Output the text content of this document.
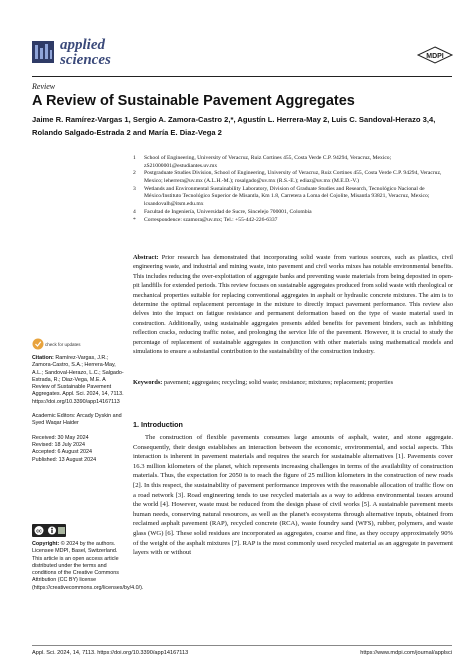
applied
sciences	MDPI
Review
A Review of Sustainable Pavement Aggregates
Jaime R. Ramírez-Vargas 1, Sergio A. Zamora-Castro 2,*, Agustín L. Herrera-May 2, Luis C. Sandoval-Herazo 3,4,
Rolando Salgado-Estrada 2 and María E. Diaz-Vega 2
1	School of Engineering, University of Veracruz, Ruiz Cortines 455, Costa Verde C.P. 94294, Veracruz, Mexico; zS21000001@estudiantes.uv.mx
2	Postgraduate Studies Division, School of Engineering, University of Veracruz, Ruiz Cortines 455, Costa Verde C.P. 94294, Veracruz, Mexico; leherrera@uv.mx (A.L.H.-M.); rosalgado@uv.mx (R.S.-E.); ediaz@uv.mx (M.E.D.-V.)
3	Wetlands and Environmental Sustainability Laboratory, Division of Graduate Studies and Research, Tecnológico Nacional de México/Instituto Tecnológico Superior de Misantla, Km 1.8, Carretera a Loma del Cojolite, Misantla 93821, Veracruz, Mexico; lcsandovalh@itsm.edu.mx
4	Facultad de Ingeniería, Universidad de Sucre, Sincelejo 700001, Colombia
*	Correspondence: szamora@uv.mx; Tel.: +55-442-226-6337
Abstract: Prior research has demonstrated that incorporating solid waste from various sources, such as plastics, civil engineering waste, and industrial and mining waste, into pavement and civil works mixes has notable environmental benefits. This includes reducing the over-exploitation of aggregate banks and preventing waste materials from being deposited in open-pit landfills for extended periods. This review focuses on sustainable aggregates produced from solid waste with rheological or mechanical properties suitable for replacing conventional aggregates in asphalt or hydraulic concrete mixtures. The aim is to determine the optimal replacement percentage in the mixture to directly impact pavement performance. This review also delves into the impact on fatigue resistance and permanent deformation based on the type of waste material used in construction. Additionally, using sustainable aggregates presents added benefits for pavement binders, such as inhibiting reflection cracks, reducing traffic noise, and prolonging the service life of the pavement. However, it is crucial to study the percentage of replacement of sustainable aggregates in conjunction with other materials using mathematical models and simulations to ensure a substantial contribution to the sustainability of the construction industry.
Keywords: pavement; aggregates; recycling; solid waste; resistance; mixtures; replacement; properties
check for updates
Citation: Ramírez-Vargas, J.R.; Zamora-Castro, S.A.; Herrera-May, A.L.; Sandoval-Herazo, L.C.; Salgado-Estrada, R.; Diaz-Vega, M.E. A Review of Sustainable Pavement Aggregates. Appl. Sci. 2024, 14, 7113. https://doi.org/10.3390/app14167113
Academic Editors: Arcady Dyskin and Syed Waqar Haider
Received: 30 May 2024
Revised: 18 July 2024
Accepted: 6 August 2024
Published: 13 August 2024
cc
Copyright: © 2024 by the authors. Licensee MDPI, Basel, Switzerland. This article is an open access article distributed under the terms and conditions of the Creative Commons Attribution (CC BY) license (https://creativecommons.org/licenses/by/4.0/).
1. Introduction
The construction of flexible pavements consumes large amounts of asphalt, water, and stone aggregate. Consequently, their design establishes an interaction between the economic, environmental, and social aspects. This interaction is inherent in pavement materials and requires the search for sustainable alternatives [1]. Pavements cover 16.3 million kilometers of the planet, which represents increasing challenges in terms of the availability of construction materials. Thus, the expectation for 2050 is to reach the figure of 25 million kilometers in the construction of new roads [2]. In this respect, the sustainability of pavement performance improves with the reasonable allocation of traffic flow on a road network [3]. Road engineering tends to use recycled materials as a way to address environmental issues around the world [4]. However, waste must be reduced from the design phase of civil works [5]. A sustainable pavement meets human needs, conserving natural resources, as well as the planet's ecosystems through alternative inputs, obtained from reclaimed asphalt pavement (RAP), recycled concrete (RCA), waste foundry sand (WFS), rubber, polymers, and waste glass (WG) [6]. These solid residues are incorporated as aggregates, coarse and fine, as they occupy approximately 90% of the weight of the asphalt mixtures [7]. RAP is the most commonly used recycled material as an aggregate in pavement layers with or without
Appl. Sci. 2024, 14, 7113. https://doi.org/10.3390/app14167113	https://www.mdpi.com/journal/applsci
